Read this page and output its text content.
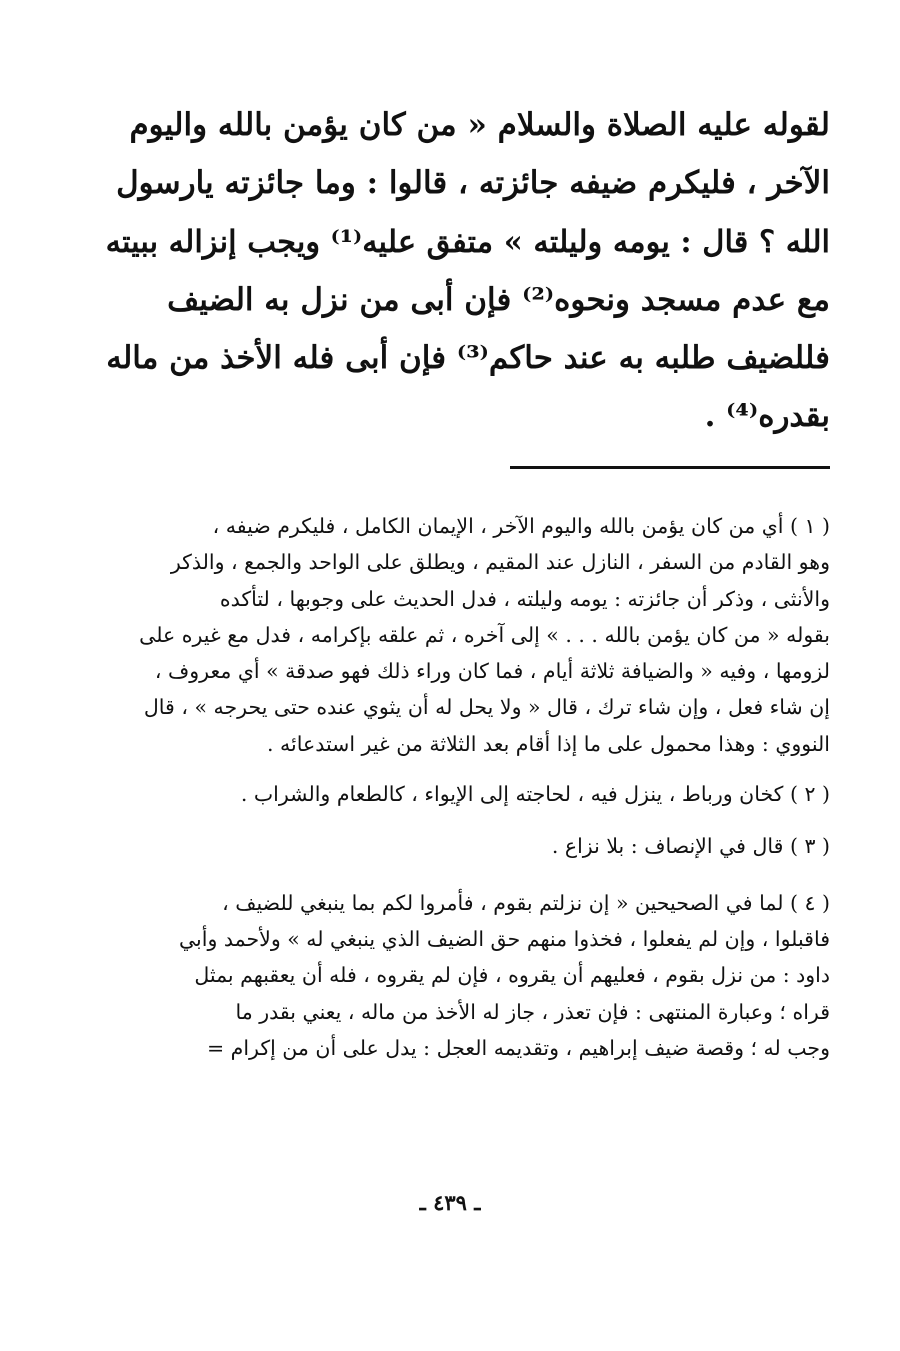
لقوله عليه الصلاة والسلام « من كان يؤمن بالله واليوم
الآخر ، فليكرم ضيفه جائزته ، قالوا : وما جائزته يارسول
الله ؟ قال : يومه وليلته » متفق عليه⁽¹⁾ ويجب إنزاله ببيته
مع عدم مسجد ونحوه⁽²⁾ فإن أبى من نزل به الضيف
فللضيف طلبه به عند حاكم⁽³⁾ فإن أبى فله الأخذ من ماله
بقدره⁽⁴⁾ .
( ١ ) أي من كان يؤمن بالله واليوم الآخر ، الإيمان الكامل ، فليكرم ضيفه ،
وهو القادم من السفر ، النازل عند المقيم ، ويطلق على الواحد والجمع ، والذكر
والأنثى ، وذكر أن جائزته : يومه وليلته ، فدل الحديث على وجوبها ، لتأكده
بقوله « من كان يؤمن بالله . . . » إلى آخره ، ثم علقه بإكرامه ، فدل مع غيره على
لزومها ، وفيه « والضيافة ثلاثة أيام ، فما كان وراء ذلك فهو صدقة » أي معروف ،
إن شاء فعل ، وإن شاء ترك ، قال « ولا يحل له أن يثوي عنده حتى يحرجه » ، قال
النووي : وهذا محمول على ما إذا أقام بعد الثلاثة من غير استدعائه .
( ٢ ) كخان ورباط ، ينزل فيه ، لحاجته إلى الإيواء ، كالطعام والشراب .
( ٣ ) قال في الإنصاف : بلا نزاع .
( ٤ ) لما في الصحيحين « إن نزلتم بقوم ، فأمروا لكم بما ينبغي للضيف ،
فاقبلوا ، وإن لم يفعلوا ، فخذوا منهم حق الضيف الذي ينبغي له » ولأحمد وأبي
داود : من نزل بقوم ، فعليهم أن يقروه ، فإن لم يقروه ، فله أن يعقبهم بمثل
قراه ؛ وعبارة المنتهى : فإن تعذر ، جاز له الأخذ من ماله ، يعني بقدر ما
وجب له ؛ وقصة ضيف إبراهيم ، وتقديمه العجل : يدل على أن من إكرام =
ـ ٤٣٩ ـ
